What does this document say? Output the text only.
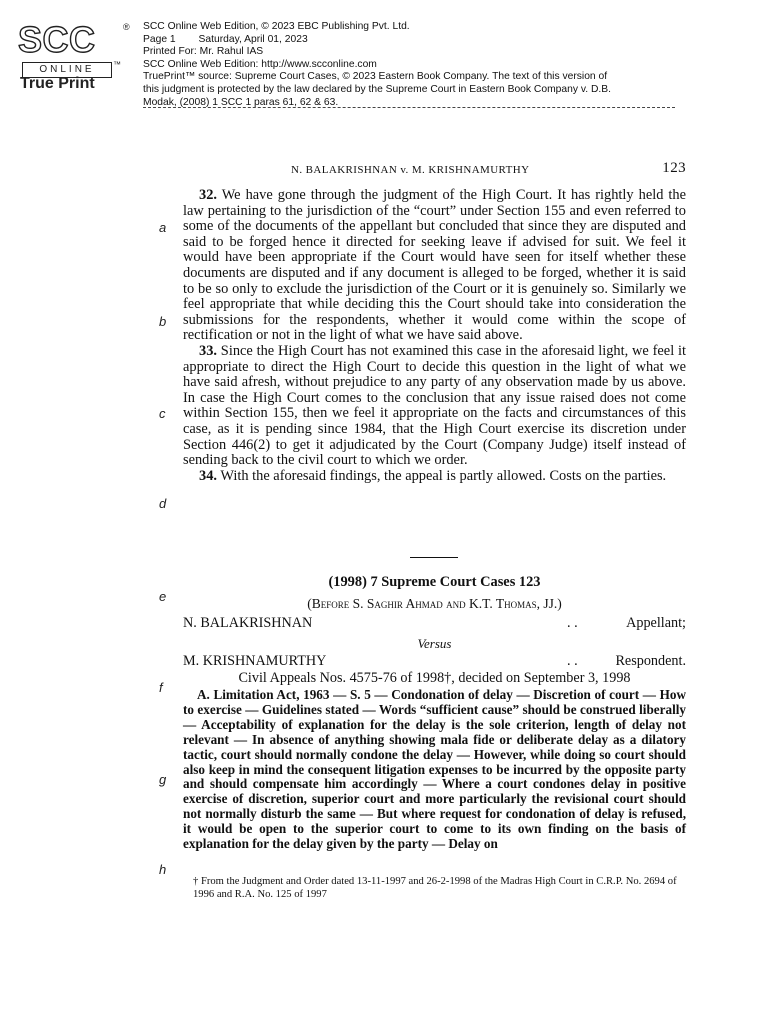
SCC	®
ONLINE	™
True Print
SCC Online Web Edition, © 2023 EBC Publishing Pvt. Ltd.
Page 1        Saturday, April 01, 2023
Printed For: Mr. Rahul IAS
SCC Online Web Edition: http://www.scconline.com
TruePrint™ source: Supreme Court Cases, © 2023 Eastern Book Company. The text of this version of this judgment is protected by the law declared by the Supreme Court in Eastern Book Company v. D.B. Modak, (2008) 1 SCC 1 paras 61, 62 & 63.
a
b
c
d
e
f
g
h
N. BALAKRISHNAN v. M. KRISHNAMURTHY	123

32. We have gone through the judgment of the High Court. It has rightly held the law pertaining to the jurisdiction of the “court” under Section 155 and even referred to some of the documents of the appellant but concluded that since they are disputed and said to be forged hence it directed for seeking leave if advised for suit. We feel it would have been appropriate if the Court would have seen for itself whether these documents are disputed and if any document is alleged to be forged, whether it is said to be so only to exclude the jurisdiction of the Court or it is genuinely so. Similarly we feel appropriate that while deciding this the Court should take into consideration the submissions for the respondents, whether it would come within the scope of rectification or not in the light of what we have said above.

33. Since the High Court has not examined this case in the aforesaid light, we feel it appropriate to direct the High Court to decide this question in the light of what we have said afresh, without prejudice to any party of any observation made by us above. In case the High Court comes to the conclusion that any issue raised does not come within Section 155, then we feel it appropriate on the facts and circumstances of this case, as it is pending since 1984, that the High Court exercise its discretion under Section 446(2) to get it adjudicated by the Court (Company Judge) itself instead of sending back to the civil court to which we order.

34. With the aforesaid findings, the appeal is partly allowed. Costs on the parties.

(1998) 7 Supreme Court Cases 123
(Before S. Saghir Ahmad and K.T. Thomas, JJ.)
N. BALAKRISHNAN	. .	Appellant;
Versus
M. KRISHNAMURTHY	. .	Respondent.
Civil Appeals Nos. 4575-76 of 1998†, decided on September 3, 1998
A. Limitation Act, 1963 — S. 5 — Condonation of delay — Discretion of court — How to exercise — Guidelines stated — Words “sufficient cause” should be construed liberally — Acceptability of explanation for the delay is the sole criterion, length of delay not relevant — In absence of anything showing mala fide or deliberate delay as a dilatory tactic, court should normally condone the delay — However, while doing so court should also keep in mind the consequent litigation expenses to be incurred by the opposite party and should compensate him accordingly — Where a court condones delay in positive exercise of discretion, superior court and more particularly the revisional court should not normally disturb the same — But where request for condonation of delay is refused, it would be open to the superior court to come to its own finding on the basis of explanation for the delay given by the party — Delay on
† From the Judgment and Order dated 13-11-1997 and 26-2-1998 of the Madras High Court in C.R.P. No. 2694 of 1996 and R.A. No. 125 of 1997
